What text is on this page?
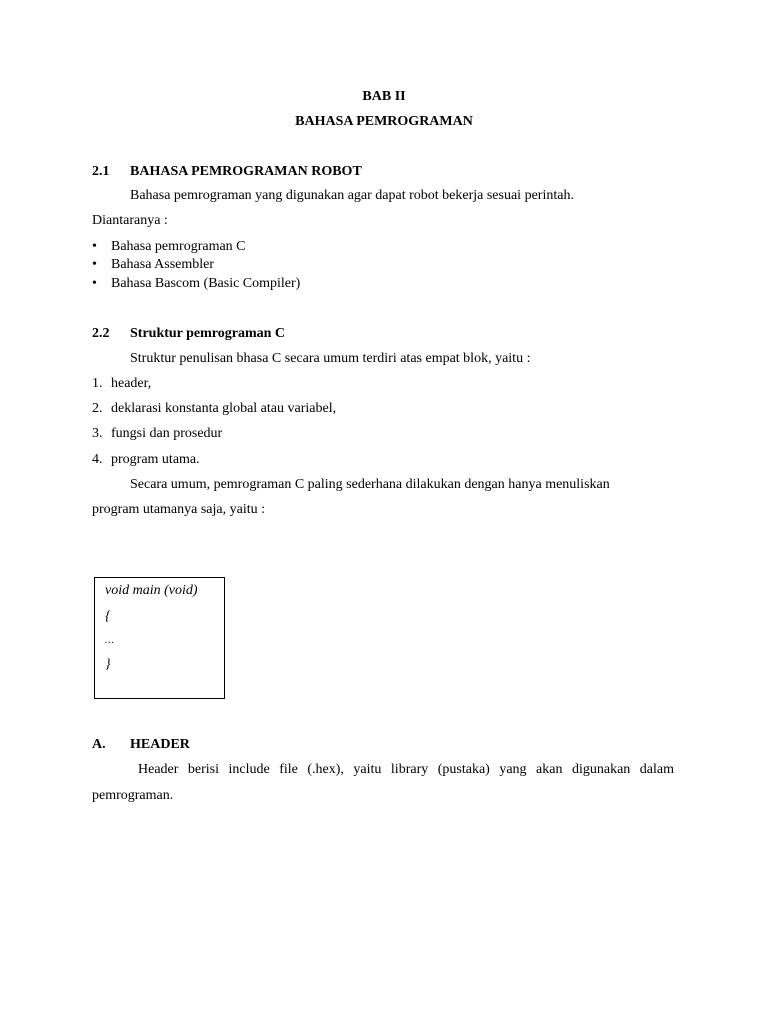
BAB II
BAHASA PEMROGRAMAN
2.1 BAHASA PEMROGRAMAN ROBOT
Bahasa pemrograman yang digunakan agar dapat robot bekerja sesuai perintah.
Diantaranya :
• Bahasa pemrograman C
• Bahasa Assembler
• Bahasa Bascom (Basic Compiler)
2.2 Struktur pemrograman C
Struktur penulisan bhasa C secara umum terdiri atas empat blok, yaitu :
1. header,
2. deklarasi konstanta global atau variabel,
3. fungsi dan prosedur
4. program utama.
Secara umum, pemrograman C paling sederhana dilakukan dengan hanya menuliskan
program utamanya saja, yaitu :
void main (void)
{
…
}
A. HEADER
Header berisi include file (.hex), yaitu library (pustaka) yang akan digunakan dalam
pemrograman.
